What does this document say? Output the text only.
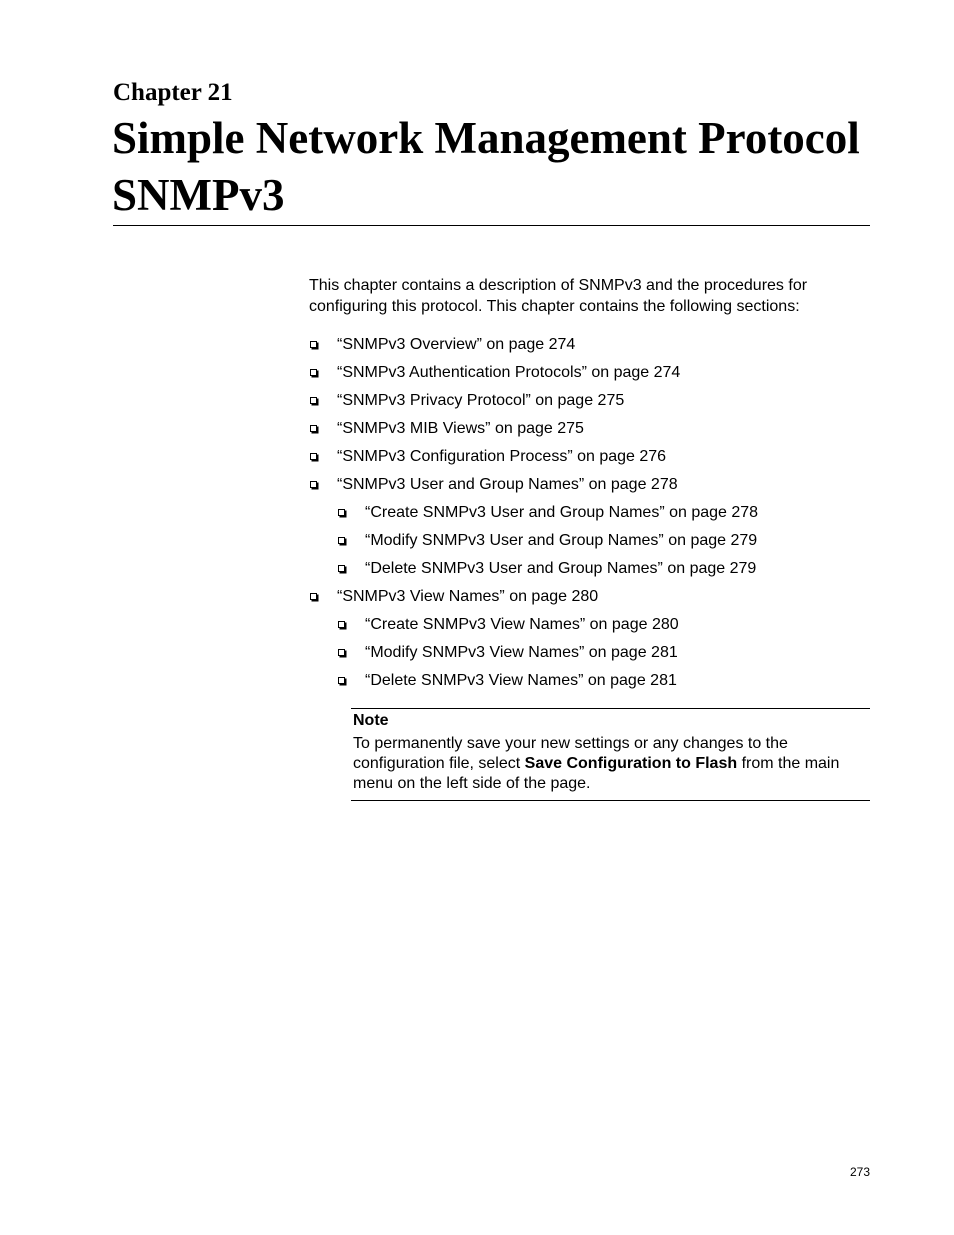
Chapter 21
Simple Network Management Protocol
SNMPv3

This chapter contains a description of SNMPv3 and the procedures for configuring this protocol. This chapter contains the following sections:

“SNMPv3 Overview” on page 274
“SNMPv3 Authentication Protocols” on page 274
“SNMPv3 Privacy Protocol” on page 275
“SNMPv3 MIB Views” on page 275
“SNMPv3 Configuration Process” on page 276
“SNMPv3 User and Group Names” on page 278
“Create SNMPv3 User and Group Names” on page 278
“Modify SNMPv3 User and Group Names” on page 279
“Delete SNMPv3 User and Group Names” on page 279
“SNMPv3 View Names” on page 280
“Create SNMPv3 View Names” on page 280
“Modify SNMPv3 View Names” on page 281
“Delete SNMPv3 View Names” on page 281
Note
To permanently save your new settings or any changes to the configuration file, select Save Configuration to Flash from the main menu on the left side of the page.
273
